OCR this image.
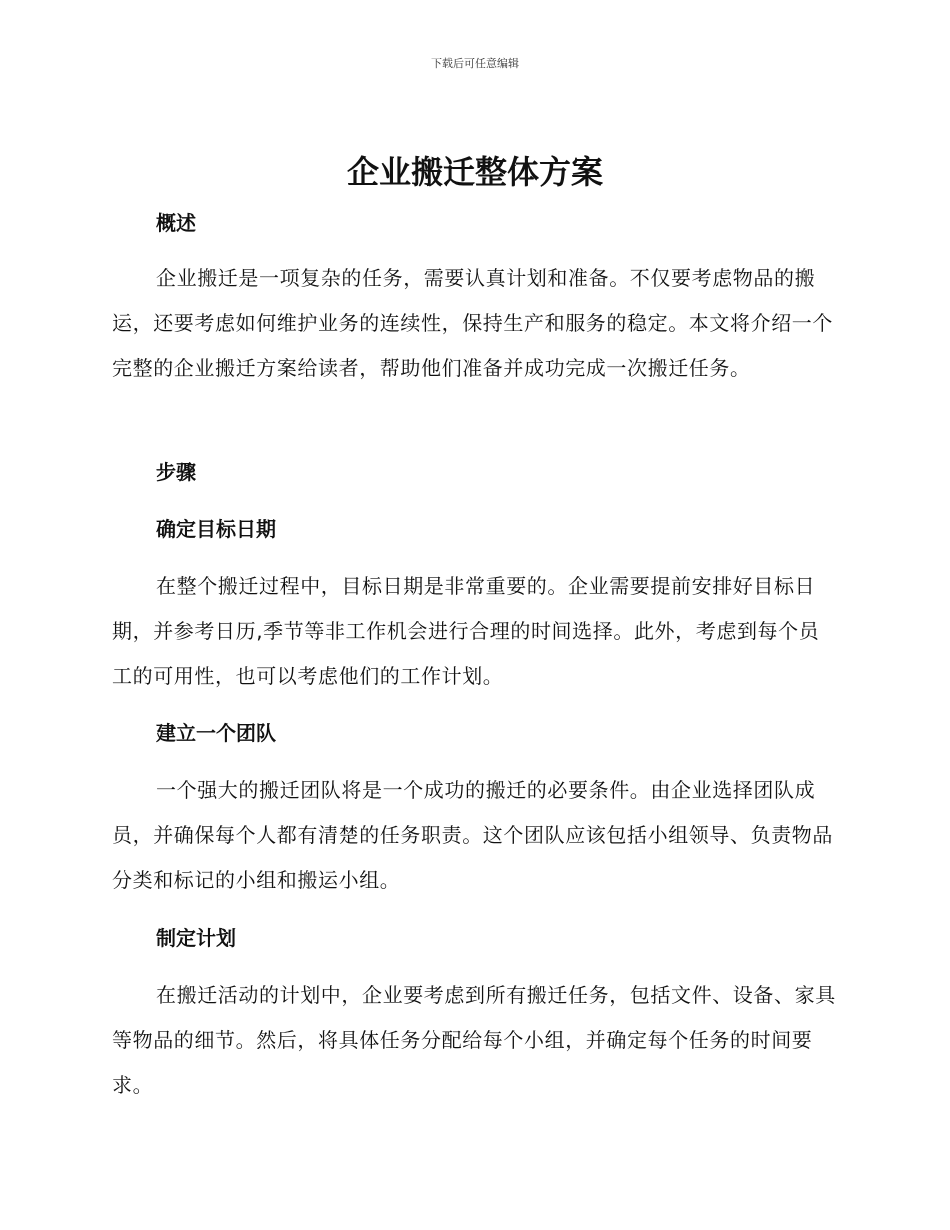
下载后可任意编辑
企业搬迁整体方案
概述

企业搬迁是一项复杂的任务，需要认真计划和准备。不仅要考虑物品的搬运，还要考虑如何维护业务的连续性，保持生产和服务的稳定。本文将介绍一个完整的企业搬迁方案给读者，帮助他们准备并成功完成一次搬迁任务。

步骤
确定目标日期

在整个搬迁过程中，目标日期是非常重要的。企业需要提前安排好目标日期，并参考日历,季节等非工作机会进行合理的时间选择。此外，考虑到每个员工的可用性，也可以考虑他们的工作计划。

建立一个团队

一个强大的搬迁团队将是一个成功的搬迁的必要条件。由企业选择团队成员，并确保每个人都有清楚的任务职责。这个团队应该包括小组领导、负责物品分类和标记的小组和搬运小组。

制定计划

在搬迁活动的计划中，企业要考虑到所有搬迁任务，包括文件、设备、家具等物品的细节。然后，将具体任务分配给每个小组，并确定每个任务的时间要求。
